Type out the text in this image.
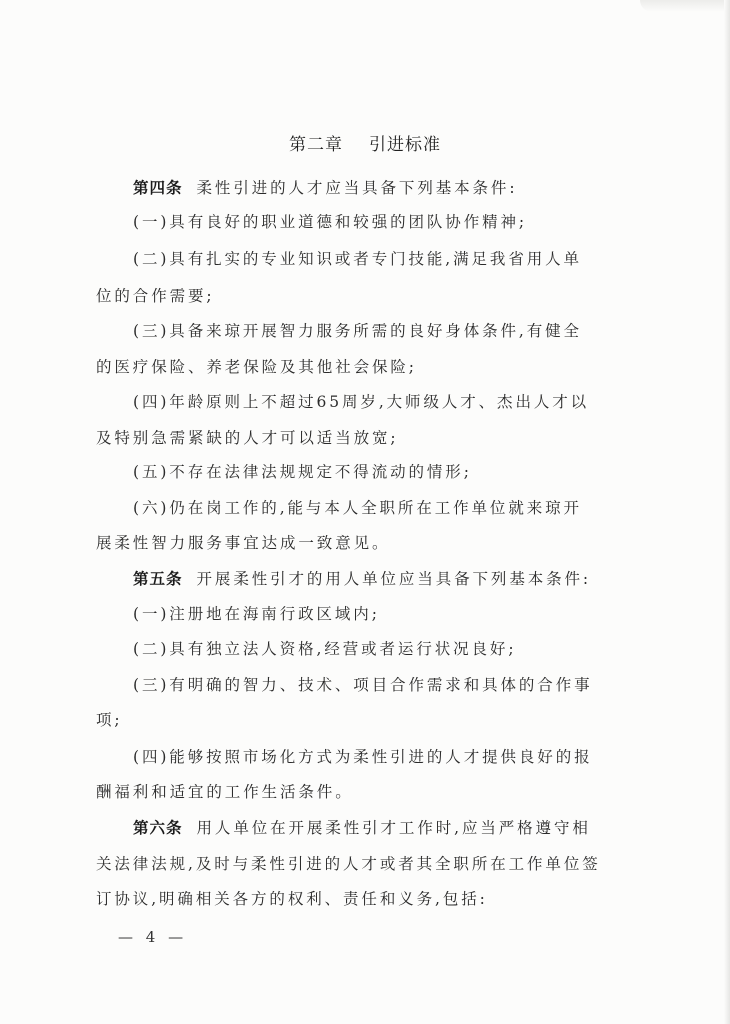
第二章 引进标准
第四条 柔性引进的人才应当具备下列基本条件:
(一)具有良好的职业道德和较强的团队协作精神;
(二)具有扎实的专业知识或者专门技能,满足我省用人单
位的合作需要;
(三)具备来琼开展智力服务所需的良好身体条件,有健全
的医疗保险、养老保险及其他社会保险;
(四)年龄原则上不超过65周岁,大师级人才、杰出人才以
及特别急需紧缺的人才可以适当放宽;
(五)不存在法律法规规定不得流动的情形;
(六)仍在岗工作的,能与本人全职所在工作单位就来琼开
展柔性智力服务事宜达成一致意见。
第五条 开展柔性引才的用人单位应当具备下列基本条件:
(一)注册地在海南行政区域内;
(二)具有独立法人资格,经营或者运行状况良好;
(三)有明确的智力、技术、项目合作需求和具体的合作事
项;
(四)能够按照市场化方式为柔性引进的人才提供良好的报
酬福利和适宜的工作生活条件。
第六条 用人单位在开展柔性引才工作时,应当严格遵守相
关法律法规,及时与柔性引进的人才或者其全职所在工作单位签
订协议,明确相关各方的权利、责任和义务,包括:
— 4 —
